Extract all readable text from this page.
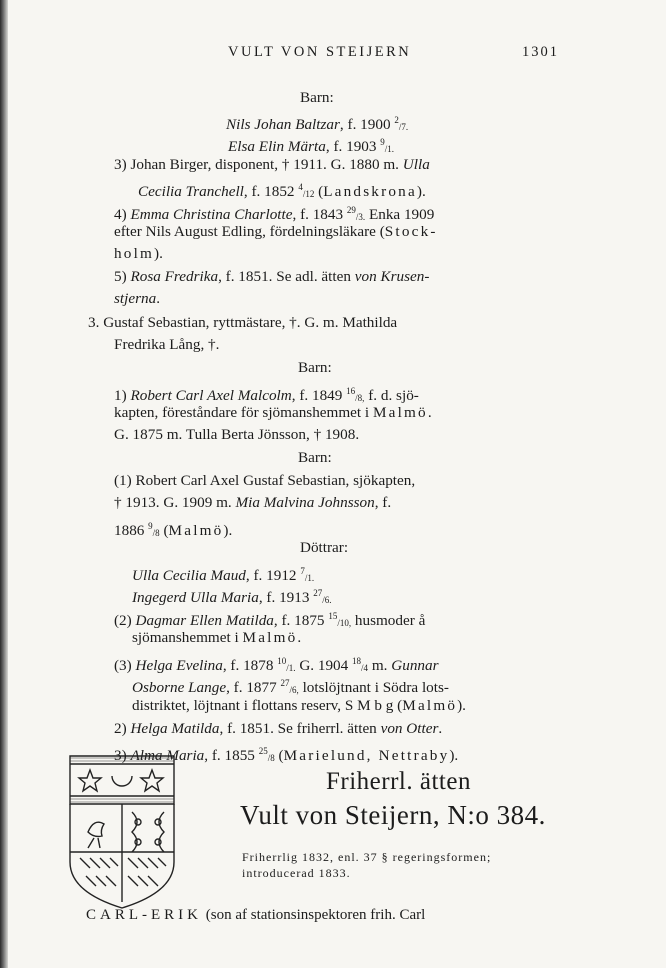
VULT VON STEIJERN	1301
Barn:
Nils Johan Baltzar, f. 1900 $^2$/7.
Elsa Elin Märta, f. 1903 $^9$/1.
3) Johan Birger, disponent, † 1911. G. 1880 m. Ulla
Cecilia Tranchell, f. 1852 $^4$/12 (Landskrona).
4) Emma Christina Charlotte, f. 1843 $^{29}$/3. Enka 1909
efter Nils August Edling, fördelningsläkare (Stock-
holm).
5) Rosa Fredrika, f. 1851. Se adl. ätten von Krusen-
stjerna.
3. Gustaf Sebastian, ryttmästare, †. G. m. Mathilda
Fredrika Lång, †.
Barn:
1) Robert Carl Axel Malcolm, f. 1849 $^{16}$/8, f. d. sjö-
kapten, föreståndare för sjömanshemmet i Malmö.
G. 1875 m. Tulla Berta Jönsson, † 1908.
Barn:
(1) Robert Carl Axel Gustaf Sebastian, sjökapten,
† 1913. G. 1909 m. Mia Malvina Johnsson, f.
1886 $^9$/8 (Malmö).
Döttrar:
Ulla Cecilia Maud, f. 1912 $^7$/1.
Ingegerd Ulla Maria, f. 1913 $^{27}$/6.
(2) Dagmar Ellen Matilda, f. 1875 $^{15}$/10, husmoder å
sjömanshemmet i Malmö.
(3) Helga Evelina, f. 1878 $^{10}$/1. G. 1904 $^{18}$/4 m. Gunnar
Osborne Lange, f. 1877 $^{27}$/6, lotslöjtnant i Södra lots-
distriktet, löjtnant i flottans reserv, S M b g (Malmö).
2) Helga Matilda, f. 1851. Se friherrl. ätten von Otter.
3) Alma Maria, f. 1855 $^{25}$/8 (Marielund, Nettraby).
Friherrl. ätten
Vult von Steijern, N:o 384.
Friherrlig 1832, enl. 37 § regeringsformen;
introducerad 1833.
CARL-ERIK (son af stationsinspektoren frih. Carl
